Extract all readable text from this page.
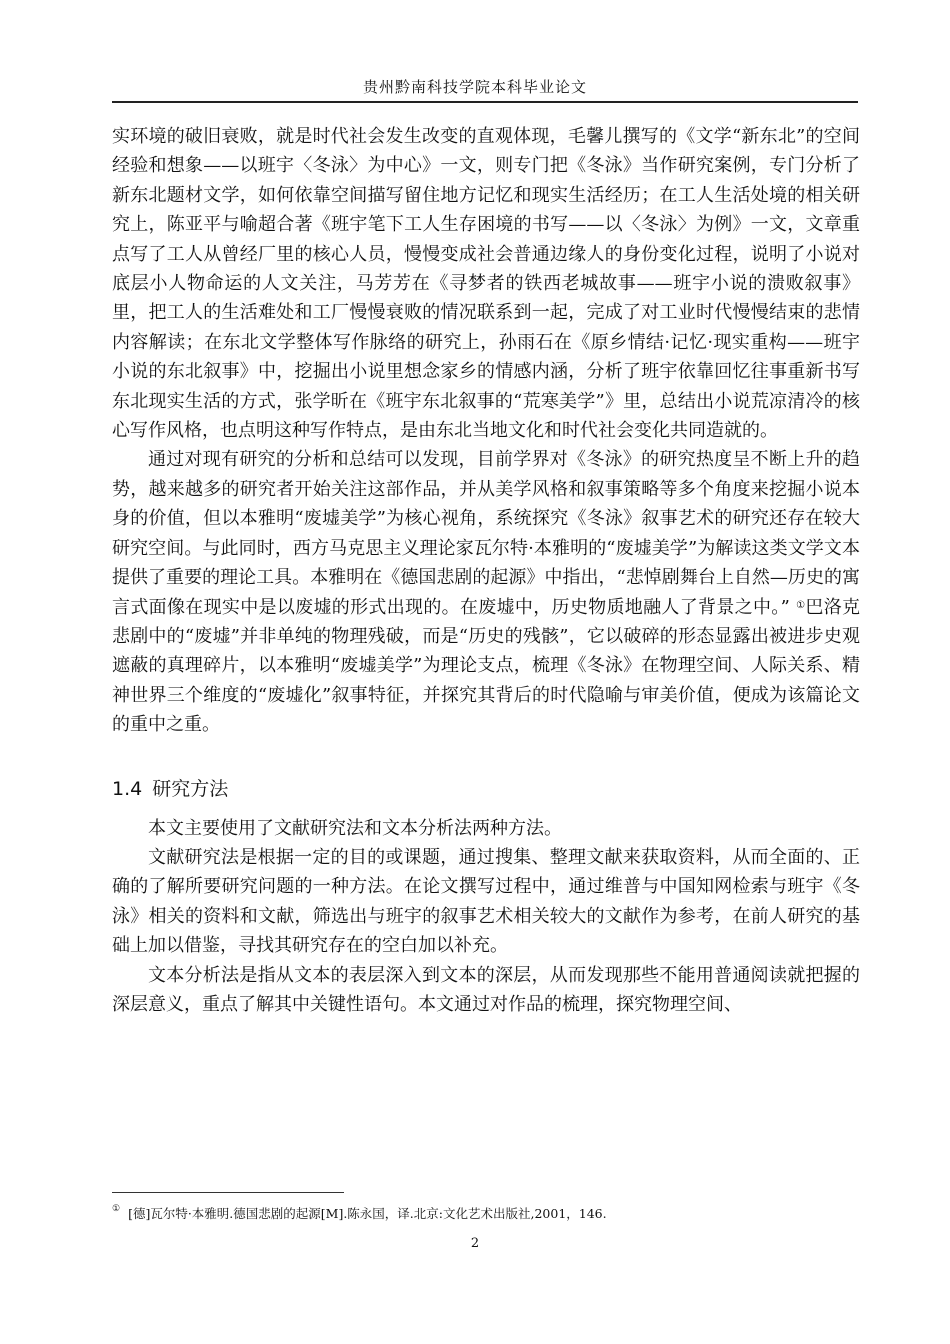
贵州黔南科技学院本科毕业论文

实环境的破旧衰败，就是时代社会发生改变的直观体现，毛馨儿撰写的《文学“新东北”的空间经验和想象——以班宇〈冬泳〉为中心》一文，则专门把《冬泳》当作研究案例，专门分析了新东北题材文学，如何依靠空间描写留住地方记忆和现实生活经历；在工人生活处境的相关研究上，陈亚平与喻超合著《班宇笔下工人生存困境的书写——以〈冬泳〉为例》一文，文章重点写了工人从曾经厂里的核心人员，慢慢变成社会普通边缘人的身份变化过程，说明了小说对底层小人物命运的人文关注，马芳芳在《寻梦者的铁西老城故事——班宇小说的溃败叙事》里，把工人的生活难处和工厂慢慢衰败的情况联系到一起，完成了对工业时代慢慢结束的悲情内容解读；在东北文学整体写作脉络的研究上，孙雨石在《原乡情结·记忆·现实重构——班宇小说的东北叙事》中，挖掘出小说里想念家乡的情感内涵，分析了班宇依靠回忆往事重新书写东北现实生活的方式，张学昕在《班宇东北叙事的“荒寒美学”》里，总结出小说荒凉清冷的核心写作风格，也点明这种写作特点，是由东北当地文化和时代社会变化共同造就的。

通过对现有研究的分析和总结可以发现，目前学界对《冬泳》的研究热度呈不断上升的趋势，越来越多的研究者开始关注这部作品，并从美学风格和叙事策略等多个角度来挖掘小说本身的价值，但以本雅明“废墟美学”为核心视角，系统探究《冬泳》叙事艺术的研究还存在较大研究空间。与此同时，西方马克思主义理论家瓦尔特·本雅明的“废墟美学”为解读这类文学文本提供了重要的理论工具。本雅明在《德国悲剧的起源》中指出，“悲悼剧舞台上自然—历史的寓言式面像在现实中是以废墟的形式出现的。在废墟中，历史物质地融人了背景之中。” ①巴洛克悲剧中的“废墟”并非单纯的物理残破，而是“历史的残骸”，它以破碎的形态显露出被进步史观遮蔽的真理碎片，以本雅明“废墟美学”为理论支点，梳理《冬泳》在物理空间、人际关系、精神世界三个维度的“废墟化”叙事特征，并探究其背后的时代隐喻与审美价值，便成为该篇论文的重中之重。

1.4 研究方法

本文主要使用了文献研究法和文本分析法两种方法。

文献研究法是根据一定的目的或课题，通过搜集、整理文献来获取资料，从而全面的、正确的了解所要研究问题的一种方法。在论文撰写过程中，通过维普与中国知网检索与班宇《冬泳》相关的资料和文献，筛选出与班宇的叙事艺术相关较大的文献作为参考，在前人研究的基础上加以借鉴，寻找其研究存在的空白加以补充。

文本分析法是指从文本的表层深入到文本的深层，从而发现那些不能用普通阅读就把握的深层意义，重点了解其中关键性语句。本文通过对作品的梳理，探究物理空间、

① [德]瓦尔特·本雅明.德国悲剧的起源[M].陈永国，译.北京:文化艺术出版社,2001，146.
2
